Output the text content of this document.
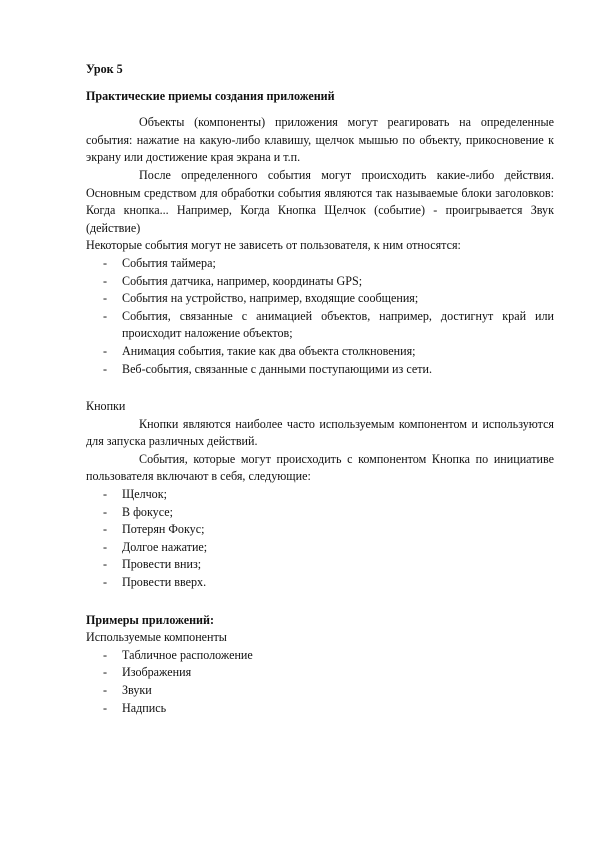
Урок 5

Практические приемы создания приложений

Объекты (компоненты) приложения могут реагировать на определенные события: нажатие на какую-либо клавишу, щелчок мышью по объекту, прикосновение к экрану или достижение края экрана и т.п.

После определенного события могут происходить какие-либо действия. Основным средством для обработки события являются так называемые блоки заголовков: Когда кнопка... Например, Когда Кнопка Щелчок (событие) - проигрывается Звук (действие)

Некоторые события могут не зависеть от пользователя, к ним относятся:

- События таймера;
- События датчика, например, координаты GPS;
- События на устройство, например, входящие сообщения;
- События, связанные с анимацией объектов, например, достигнут край или происходит наложение объектов;
- Анимация события, такие как два объекта столкновения;
- Веб-события, связанные с данными поступающими из сети.

Кнопки

Кнопки являются наиболее часто используемым компонентом и используются для запуска различных действий.

События, которые могут происходить с компонентом Кнопка по инициативе пользователя включают в себя, следующие:

- Щелчок;
- В фокусе;
- Потерян Фокус;
- Долгое нажатие;
- Провести вниз;
- Провести вверх.

Примеры приложений:

Используемые компоненты

- Табличное расположение
- Изображения
- Звуки
- Надпись
